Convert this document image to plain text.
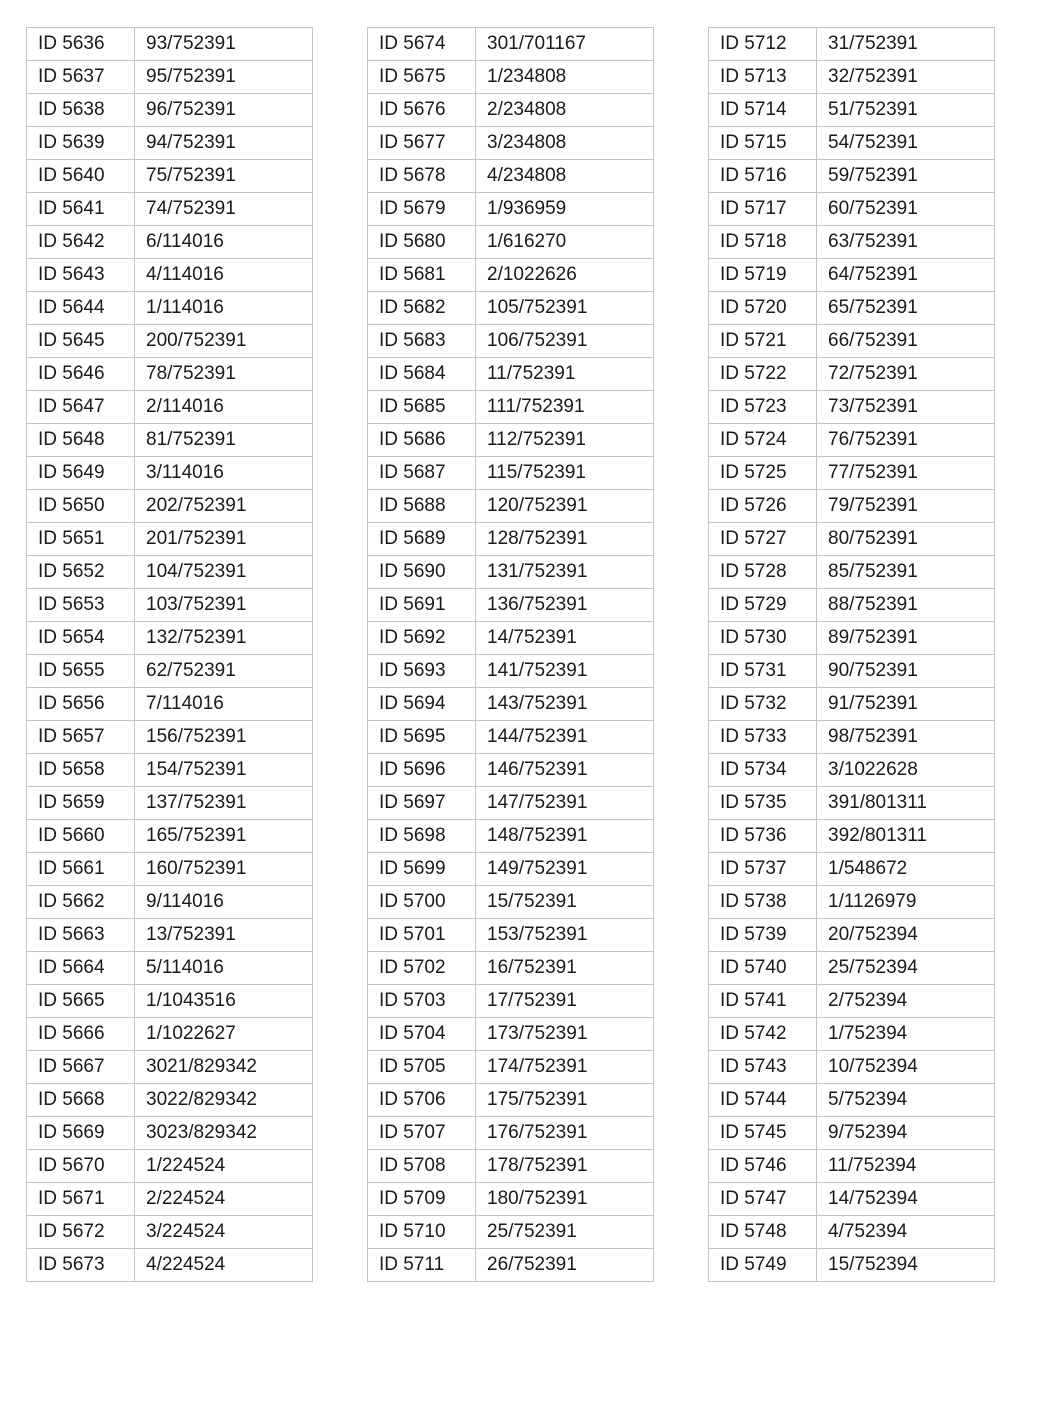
ID 5636	93/752391
ID 5637	95/752391
ID 5638	96/752391
ID 5639	94/752391
ID 5640	75/752391
ID 5641	74/752391
ID 5642	6/114016
ID 5643	4/114016
ID 5644	1/114016
ID 5645	200/752391
ID 5646	78/752391
ID 5647	2/114016
ID 5648	81/752391
ID 5649	3/114016
ID 5650	202/752391
ID 5651	201/752391
ID 5652	104/752391
ID 5653	103/752391
ID 5654	132/752391
ID 5655	62/752391
ID 5656	7/114016
ID 5657	156/752391
ID 5658	154/752391
ID 5659	137/752391
ID 5660	165/752391
ID 5661	160/752391
ID 5662	9/114016
ID 5663	13/752391
ID 5664	5/114016
ID 5665	1/1043516
ID 5666	1/1022627
ID 5667	3021/829342
ID 5668	3022/829342
ID 5669	3023/829342
ID 5670	1/224524
ID 5671	2/224524
ID 5672	3/224524
ID 5673	4/224524
ID 5674	301/701167
ID 5675	1/234808
ID 5676	2/234808
ID 5677	3/234808
ID 5678	4/234808
ID 5679	1/936959
ID 5680	1/616270
ID 5681	2/1022626
ID 5682	105/752391
ID 5683	106/752391
ID 5684	11/752391
ID 5685	111/752391
ID 5686	112/752391
ID 5687	115/752391
ID 5688	120/752391
ID 5689	128/752391
ID 5690	131/752391
ID 5691	136/752391
ID 5692	14/752391
ID 5693	141/752391
ID 5694	143/752391
ID 5695	144/752391
ID 5696	146/752391
ID 5697	147/752391
ID 5698	148/752391
ID 5699	149/752391
ID 5700	15/752391
ID 5701	153/752391
ID 5702	16/752391
ID 5703	17/752391
ID 5704	173/752391
ID 5705	174/752391
ID 5706	175/752391
ID 5707	176/752391
ID 5708	178/752391
ID 5709	180/752391
ID 5710	25/752391
ID 5711	26/752391
ID 5712	31/752391
ID 5713	32/752391
ID 5714	51/752391
ID 5715	54/752391
ID 5716	59/752391
ID 5717	60/752391
ID 5718	63/752391
ID 5719	64/752391
ID 5720	65/752391
ID 5721	66/752391
ID 5722	72/752391
ID 5723	73/752391
ID 5724	76/752391
ID 5725	77/752391
ID 5726	79/752391
ID 5727	80/752391
ID 5728	85/752391
ID 5729	88/752391
ID 5730	89/752391
ID 5731	90/752391
ID 5732	91/752391
ID 5733	98/752391
ID 5734	3/1022628
ID 5735	391/801311
ID 5736	392/801311
ID 5737	1/548672
ID 5738	1/1126979
ID 5739	20/752394
ID 5740	25/752394
ID 5741	2/752394
ID 5742	1/752394
ID 5743	10/752394
ID 5744	5/752394
ID 5745	9/752394
ID 5746	11/752394
ID 5747	14/752394
ID 5748	4/752394
ID 5749	15/752394
